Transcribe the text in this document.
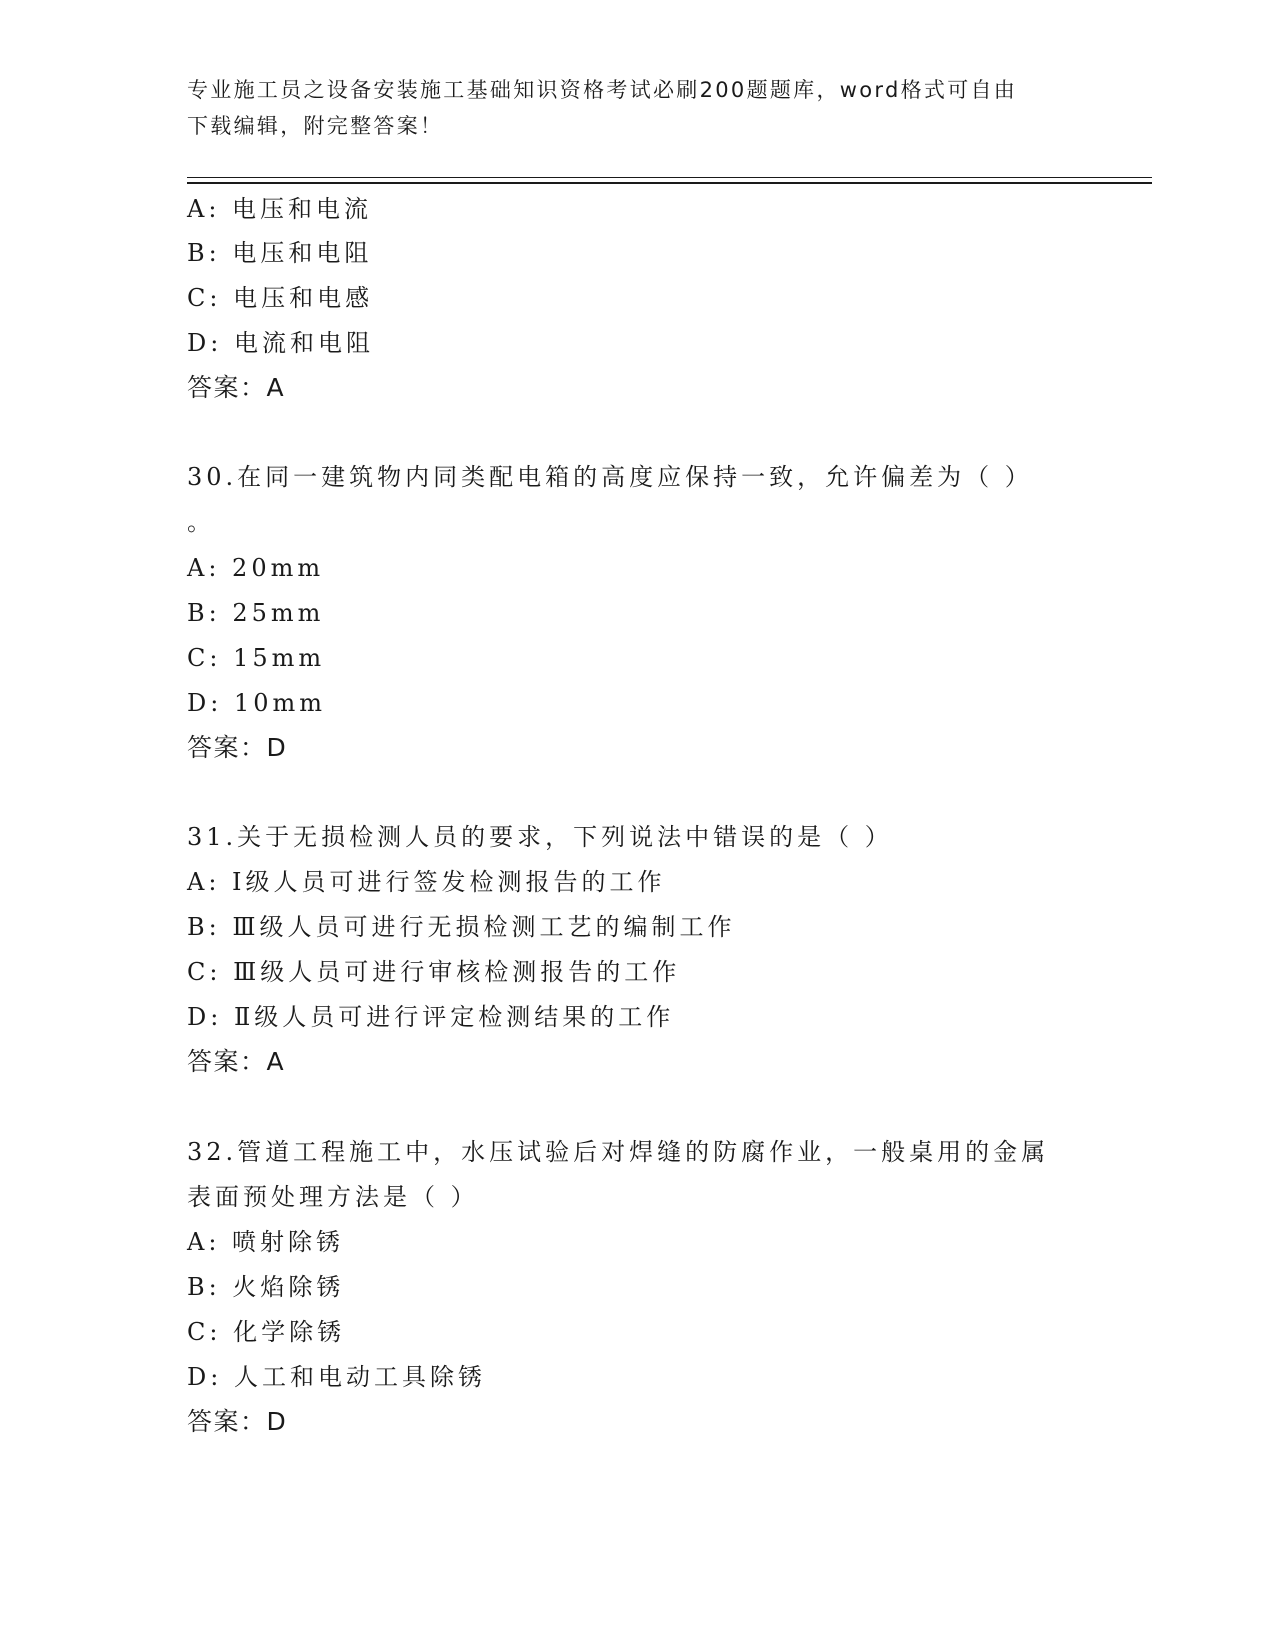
专业施工员之设备安装施工基础知识资格考试必刷200题题库，word格式可自由
下载编辑，附完整答案！
A: 电压和电流
B: 电压和电阻
C: 电压和电感
D: 电流和电阻
答案：A
30.在同一建筑物内同类配电箱的高度应保持一致，允许偏差为（ ）
。
A: 20mm
B: 25mm
C: 15mm
D: 10mm
答案：D
31.关于无损检测人员的要求，下列说法中错误的是（ ）
A: Ⅰ级人员可进行签发检测报告的工作
B: Ⅲ级人员可进行无损检测工艺的编制工作
C: Ⅲ级人员可进行审核检测报告的工作
D: Ⅱ级人员可进行评定检测结果的工作
答案：A
32.管道工程施工中，水压试验后对焊缝的防腐作业，一般桌用的金属
表面预处理方法是（ ）
A: 喷射除锈
B: 火焰除锈
C: 化学除锈
D: 人工和电动工具除锈
答案：D
